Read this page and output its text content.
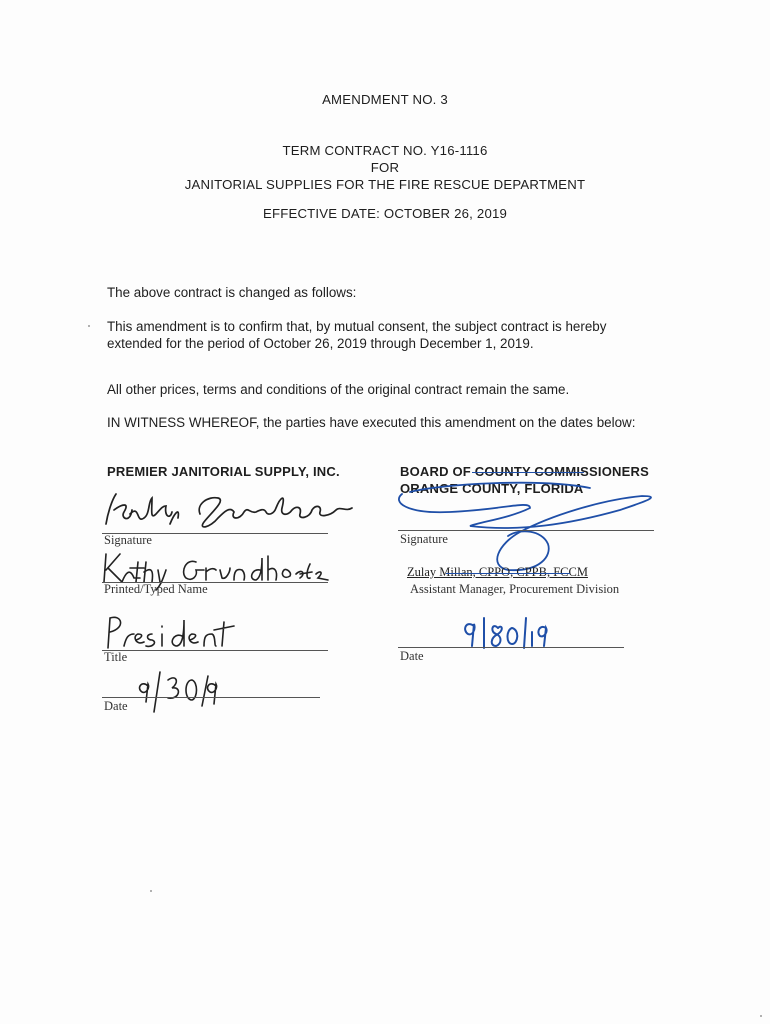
AMENDMENT NO. 3
TERM CONTRACT NO. Y16-1116
FOR
JANITORIAL SUPPLIES FOR THE FIRE RESCUE DEPARTMENT
EFFECTIVE DATE: OCTOBER 26, 2019
The above contract is changed as follows:
This amendment is to confirm that, by mutual consent, the subject contract is hereby
extended for the period of October 26, 2019 through December 1, 2019.
All other prices, terms and conditions of the original contract remain the same.
IN WITNESS WHEREOF, the parties have executed this amendment on the dates below:
PREMIER JANITORIAL SUPPLY, INC.
Signature
Printed/Typed Name
Title
Date
BOARD OF COUNTY COMMISSIONERS
ORANGE COUNTY, FLORIDA
Signature
Zulay Millan, CPPO, CPPB, FCCM
Assistant Manager, Procurement Division
Date
